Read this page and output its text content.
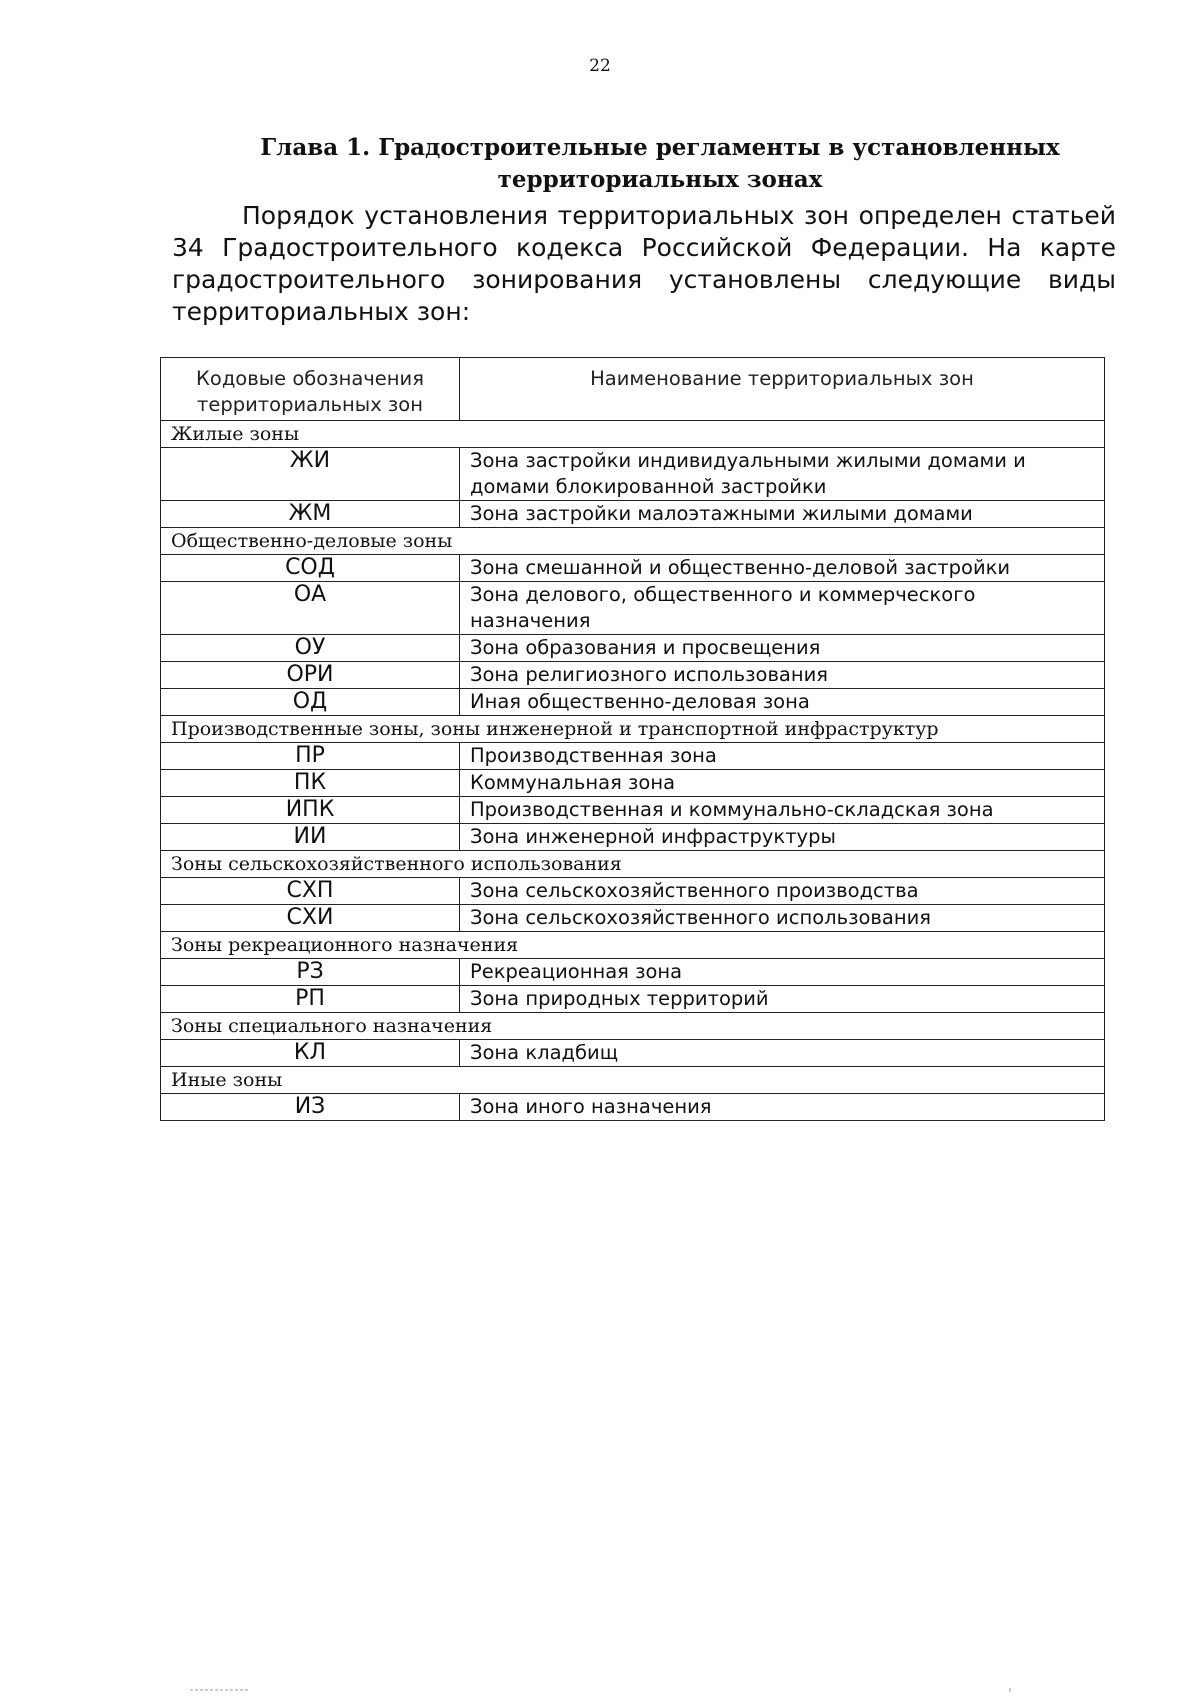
22
Глава 1. Градостроительные регламенты в установленных территориальных зонах

Порядок установления территориальных зон определен статьей 34 Градостроительного кодекса Российской Федерации. На карте градостроительного зонирования установлены следующие виды территориальных зон:

Кодовые обозначения территориальных зон	Наименование территориальных зон
Жилые зоны	
ЖИ	Зона застройки индивидуальными жилыми домами и домами блокированной застройки
ЖМ	Зона застройки малоэтажными жилыми домами
Общественно-деловые зоны	
СОД	Зона смешанной и общественно-деловой застройки
ОА	Зона делового, общественного и коммерческого назначения
ОУ	Зона образования и просвещения
ОРИ	Зона религиозного использования
ОД	Иная общественно-деловая зона
Производственные зоны, зоны инженерной и транспортной инфраструктур	
ПР	Производственная зона
ПК	Коммунальная зона
ИПК	Производственная и коммунально-складская зона
ИИ	Зона инженерной инфраструктуры
Зоны сельскохозяйственного использования	
СХП	Зона сельскохозяйственного производства
СХИ	Зона сельскохозяйственного использования
Зоны рекреационного назначения	
РЗ	Рекреационная зона
РП	Зона природных территорий
Зоны специального назначения	
КЛ	Зона кладбищ
Иные зоны	
ИЗ	Зона иного назначения
